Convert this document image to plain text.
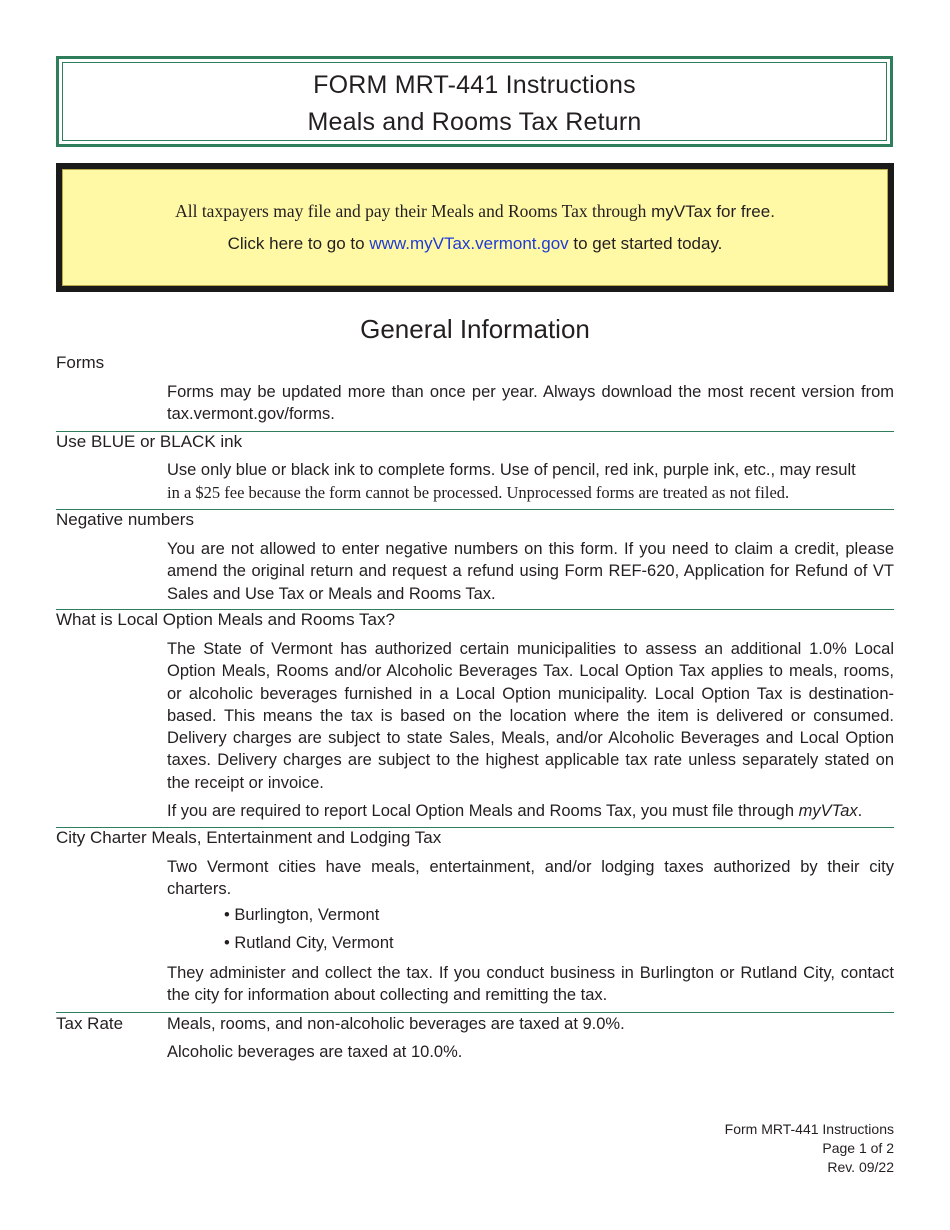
FORM MRT-441 Instructions
Meals and Rooms Tax Return
All taxpayers may file and pay their Meals and Rooms Tax through myVTax for free.
Click here to go to www.myVTax.vermont.gov to get started today.
General Information
Forms
Forms may be updated more than once per year. Always download the most recent version from tax.vermont.gov/forms.
Use BLUE or BLACK ink
Use only blue or black ink to complete forms. Use of pencil, red ink, purple ink, etc., may result
in a $25 fee because the form cannot be processed. Unprocessed forms are treated as not filed.
Negative numbers
You are not allowed to enter negative numbers on this form. If you need to claim a credit, please amend the original return and request a refund using Form REF-620, Application for Refund of VT Sales and Use Tax or Meals and Rooms Tax.
What is Local Option Meals and Rooms Tax?
The State of Vermont has authorized certain municipalities to assess an additional 1.0% Local Option Meals, Rooms and/or Alcoholic Beverages Tax. Local Option Tax applies to meals, rooms, or alcoholic beverages furnished in a Local Option municipality. Local Option Tax is destination-based. This means the tax is based on the location where the item is delivered or consumed. Delivery charges are subject to state Sales, Meals, and/or Alcoholic Beverages and Local Option taxes. Delivery charges are subject to the highest applicable tax rate unless separately stated on the receipt or invoice.
If you are required to report Local Option Meals and Rooms Tax, you must file through myVTax.
City Charter Meals, Entertainment and Lodging Tax
Two Vermont cities have meals, entertainment, and/or lodging taxes authorized by their city charters.
• Burlington, Vermont
• Rutland City, Vermont
They administer and collect the tax. If you conduct business in Burlington or Rutland City, contact the city for information about collecting and remitting the tax.
Tax Rate	Meals, rooms, and non-alcoholic beverages are taxed at 9.0%.
Alcoholic beverages are taxed at 10.0%.
Form MRT-441 Instructions
Page 1 of 2
Rev. 09/22
